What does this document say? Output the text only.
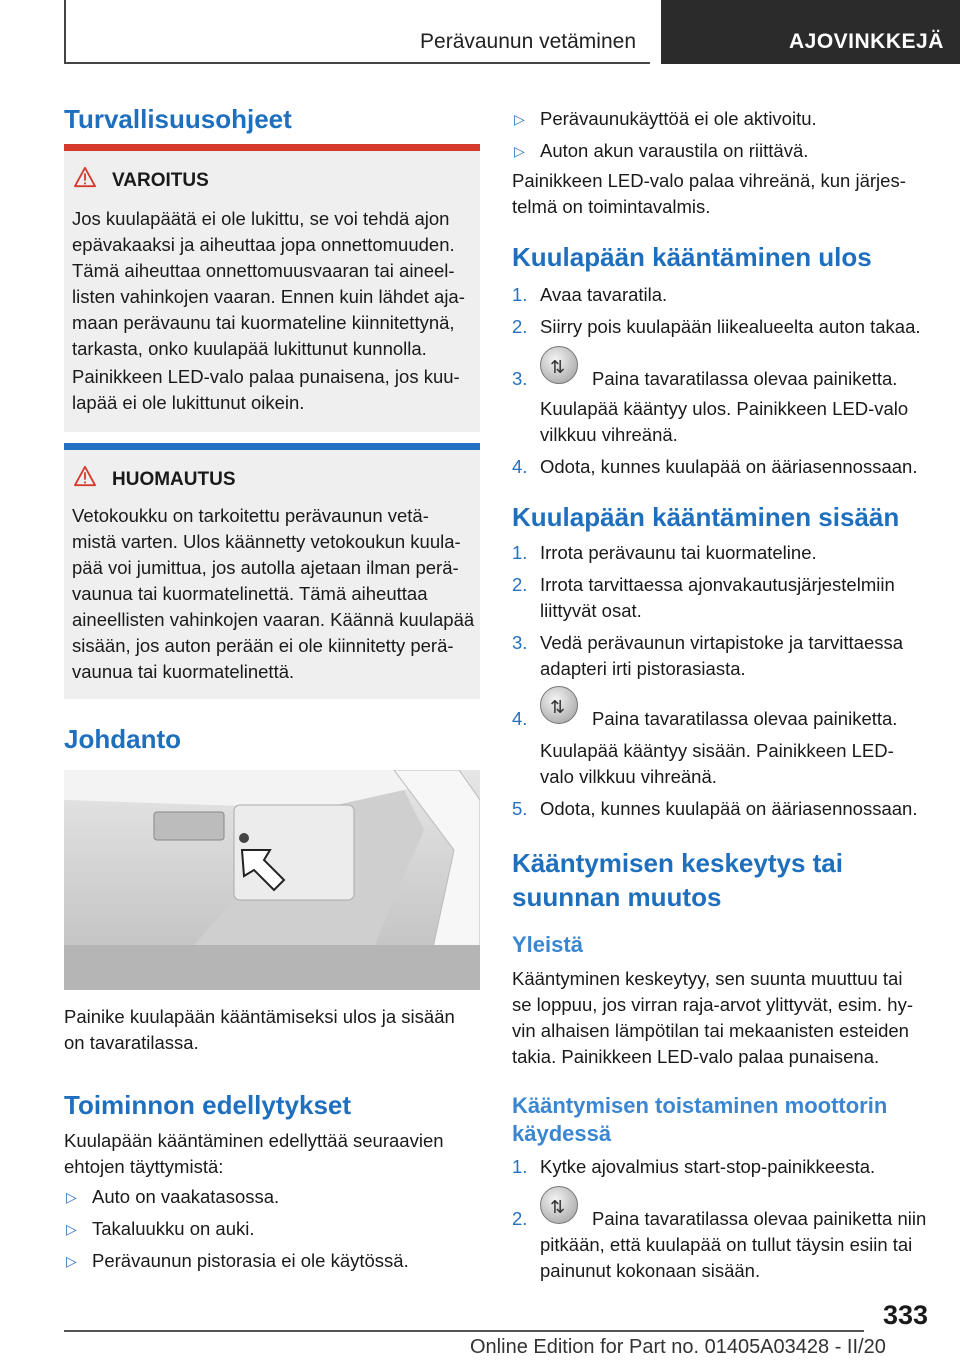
Perävaunun vetäminen	AJOVINKKEJÄ
Turvallisuusohjeet
VAROITUS

Jos kuulapäätä ei ole lukittu, se voi tehdä ajon
epävakaaksi ja aiheuttaa jopa onnettomuuden.
Tämä aiheuttaa onnettomuusvaaran tai aineel-
listen vahinkojen vaaran. Ennen kuin lähdet aja-
maan perävaunu tai kuormateline kiinnitettynä,
tarkasta, onko kuulapää lukittunut kunnolla.

Painikkeen LED-valo palaa punaisena, jos kuu-
lapää ei ole lukittunut oikein.

HUOMAUTUS

Vetokoukku on tarkoitettu perävaunun vetä-
mistä varten. Ulos käännetty vetokoukun kuula-
pää voi jumittua, jos autolla ajetaan ilman perä-
vaunua tai kuormatelinettä. Tämä aiheuttaa
aineellisten vahinkojen vaaran. Käännä kuulapää
sisään, jos auton perään ei ole kiinnitetty perä-
vaunua tai kuormatelinettä.

Johdanto

Painike kuulapään kääntämiseksi ulos ja sisään
on tavaratilassa.

Toiminnon edellytykset

Kuulapään kääntäminen edellyttää seuraavien
ehtojen täyttymistä:

▷ Auto on vaakatasossa.
▷ Takaluukku on auki.
▷ Perävaunun pistorasia ei ole käytössä.
▷ Perävaunukäyttöä ei ole aktivoitu.
▷ Auton akun varaustila on riittävä.

Painikkeen LED-valo palaa vihreänä, kun järjes-
telmä on toimintavalmis.

Kuulapään kääntäminen ulos
1. Avaa tavaratila.
2. Siirry pois kuulapään liikealueelta auton takaa.
3.
⇅
Paina tavaratilassa olevaa painiketta.

Kuulapää kääntyy ulos. Painikkeen LED-valo
vilkkuu vihreänä.

4. Odota, kunnes kuulapää on ääriasennossaan.
Kuulapään kääntäminen sisään
1. Irrota perävaunu tai kuormateline.
2. Irrota tarvittaessa ajonvakautusjärjestelmiin
liittyvät osat.
3. Vedä perävaunun virtapistoke ja tarvittaessa
adapteri irti pistorasiasta.
4.
⇅
Paina tavaratilassa olevaa painiketta.

Kuulapää kääntyy sisään. Painikkeen LED-
valo vilkkuu vihreänä.

5. Odota, kunnes kuulapää on ääriasennossaan.
Kääntymisen keskeytys tai
suunnan muutos
Yleistä

Kääntyminen keskeytyy, sen suunta muuttuu tai
se loppuu, jos virran raja-arvot ylittyvät, esim. hy-
vin alhaisen lämpötilan tai mekaanisten esteiden
takia. Painikkeen LED-valo palaa punaisena.

Kääntymisen toistaminen moottorin
käydessä
1. Kytke ajovalmius start-stop-painikkeesta.
2.
⇅
Paina tavaratilassa olevaa painiketta niin

pitkään, että kuulapää on tullut täysin esiin tai
painunut kokonaan sisään.

333
Online Edition for Part no. 01405A03428 - II/20
